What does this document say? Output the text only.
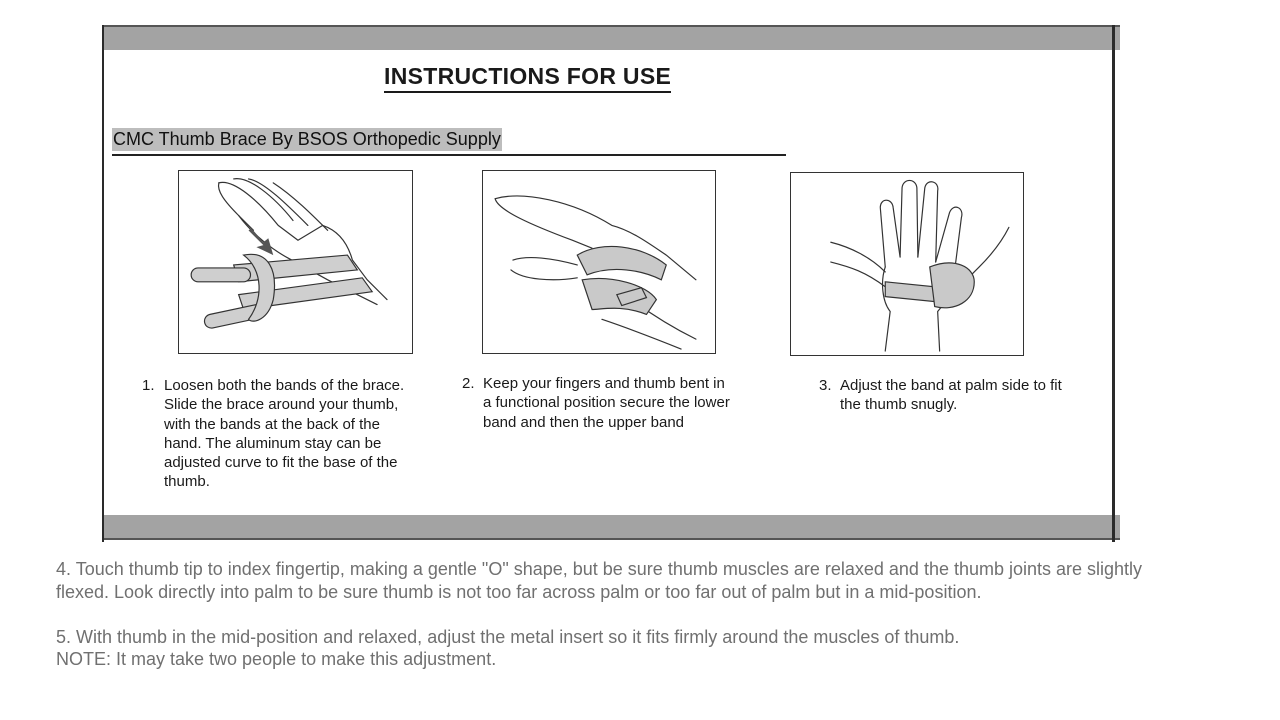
INSTRUCTIONS FOR USE
CMC Thumb Brace By BSOS Orthopedic Supply
1. Loosen both the bands of the brace.
Slide the brace around your thumb,
with the bands at the back of the
hand. The aluminum stay can be
adjusted curve to fit the base of the
thumb.
2. Keep your fingers and thumb bent in
a functional position secure the lower
band and then the upper band
3. Adjust the band at palm side to fit
the thumb snugly.

4. Touch thumb tip to index fingertip, making a gentle "O" shape, but be sure thumb muscles are relaxed and the thumb joints are slightly
flexed. Look directly into palm to be sure thumb is not too far across palm or too far out of palm but in a mid-position.

5. With thumb in the mid-position and relaxed, adjust the metal insert so it fits firmly around the muscles of thumb.
NOTE: It may take two people to make this adjustment.
